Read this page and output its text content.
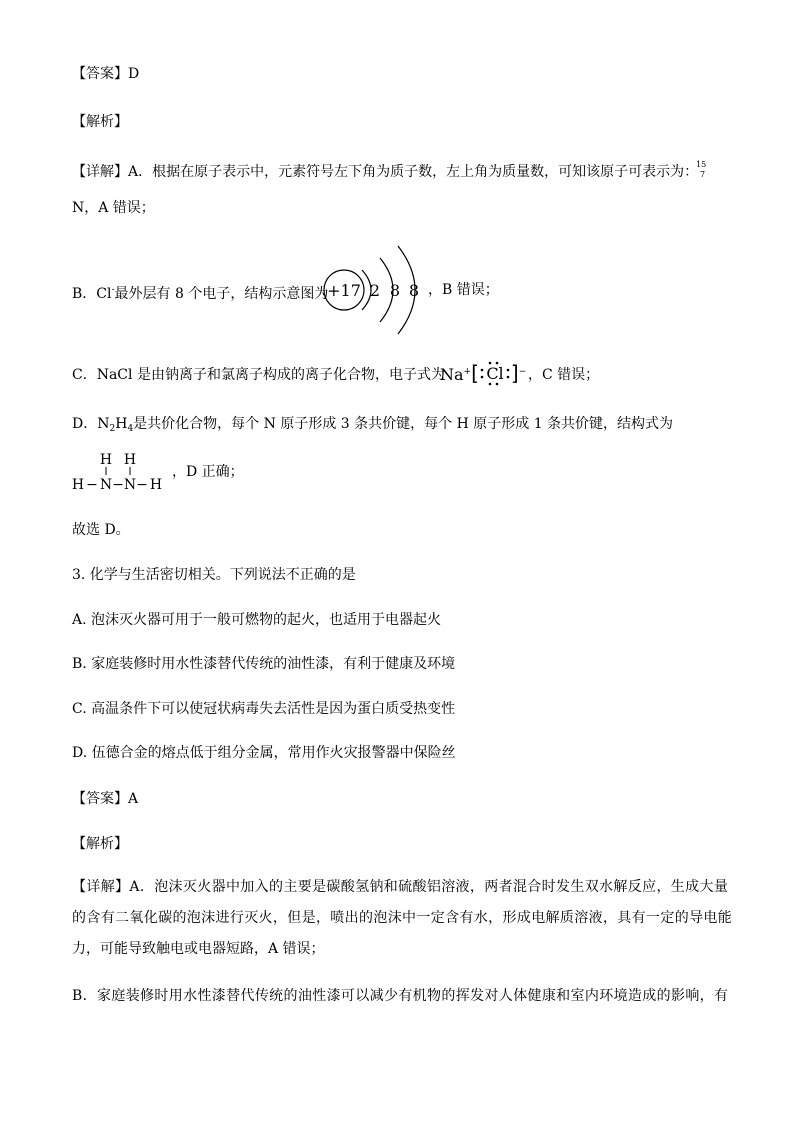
【答案】D
【解析】
【详解】A．根据在原子表示中，元素符号左下角为质子数，左上角为质量数，可知该原子可表示为：
15
7
N，A 错误；
B．Cl-最外层有 8 个电子，结构示意图为
+17 2 8 8 ，B 错误；
C．NaCl 是由钠离子和氯离子构成的离子化合物，电子式为
Na+[ Cl ]− ，C 错误；
D．$N_2H_4$是共价化合物，每个 N 原子形成 3 条共价键，每个 H 原子形成 1 条共价键，结构式为
H H
H − N − N − H
，D 正确；
故选 D。
3. 化学与生活密切相关。下列说法不正确的是
A. 泡沫灭火器可用于一般可燃物的起火，也适用于电器起火
B. 家庭装修时用水性漆替代传统的油性漆，有利于健康及环境
C. 高温条件下可以使冠状病毒失去活性是因为蛋白质受热变性
D. 伍德合金的熔点低于组分金属，常用作火灾报警器中保险丝
【答案】A
【解析】
【详解】A．泡沫灭火器中加入的主要是碳酸氢钠和硫酸铝溶液，两者混合时发生双水解反应，生成大量
的含有二氧化碳的泡沫进行灭火，但是，喷出的泡沫中一定含有水，形成电解质溶液，具有一定的导电能
力，可能导致触电或电器短路，A 错误；
B．家庭装修时用水性漆替代传统的油性漆可以减少有机物的挥发对人体健康和室内环境造成的影响，有
